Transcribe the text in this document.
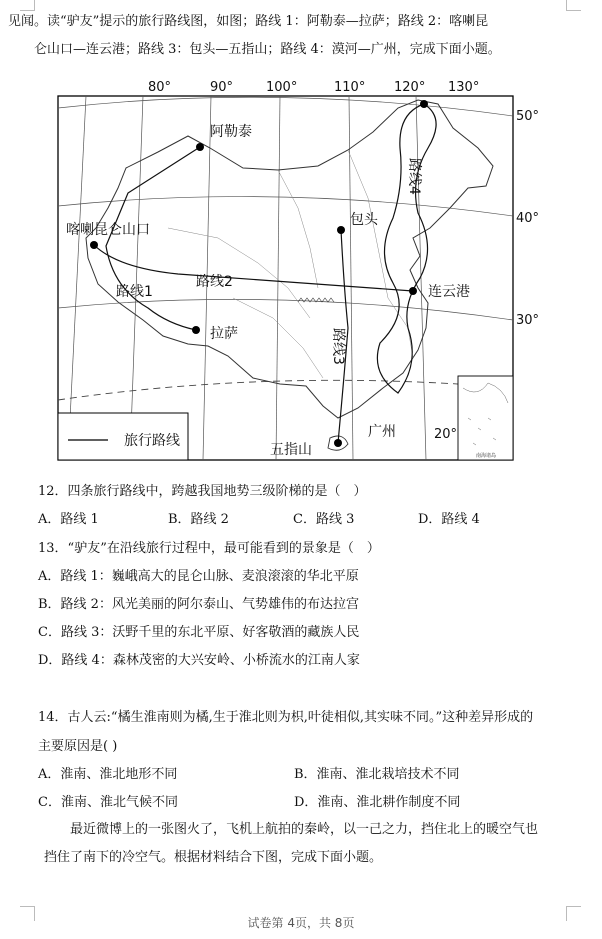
见闻。读“驴友”提示的旅行路线图，如图；路线 1：阿勒泰—拉萨；路线 2：喀喇昆
仑山口—连云港；路线 3：包头—五指山；路线 4：漠河—广州，完成下面小题。
80°	90°	100°	110° 120° 130°
50°
40°
30°
20°
阿勒泰
喀喇昆仑山口
包头
连云港
拉萨
广州
五指山
路线1
路线2
路线3
路线4
旅行路线
南海诸岛
12．四条旅行路线中，跨越我国地势三级阶梯的是（　）
A．路线 1	B．路线 2	C．路线 3	D．路线 4
13．“驴友”在沿线旅行过程中，最可能看到的景象是（　）
A．路线 1：巍峨高大的昆仑山脉、麦浪滚滚的华北平原
B．路线 2：风光美丽的阿尔泰山、气势雄伟的布达拉宫
C．路线 3：沃野千里的东北平原、好客敬酒的藏族人民
D．路线 4：森林茂密的大兴安岭、小桥流水的江南人家
14．古人云:“橘生淮南则为橘,生于淮北则为枳,叶徒相似,其实味不同。”这种差异形成的
主要原因是( )
A．淮南、淮北地形不同	B．淮南、淮北栽培技术不同
C．淮南、淮北气候不同	D．淮南、淮北耕作制度不同
最近微博上的一张图火了，飞机上航拍的秦岭，以一己之力，挡住北上的暖空气也
挡住了南下的冷空气。根据材料结合下图，完成下面小题。
试卷第 4页，共 8页
